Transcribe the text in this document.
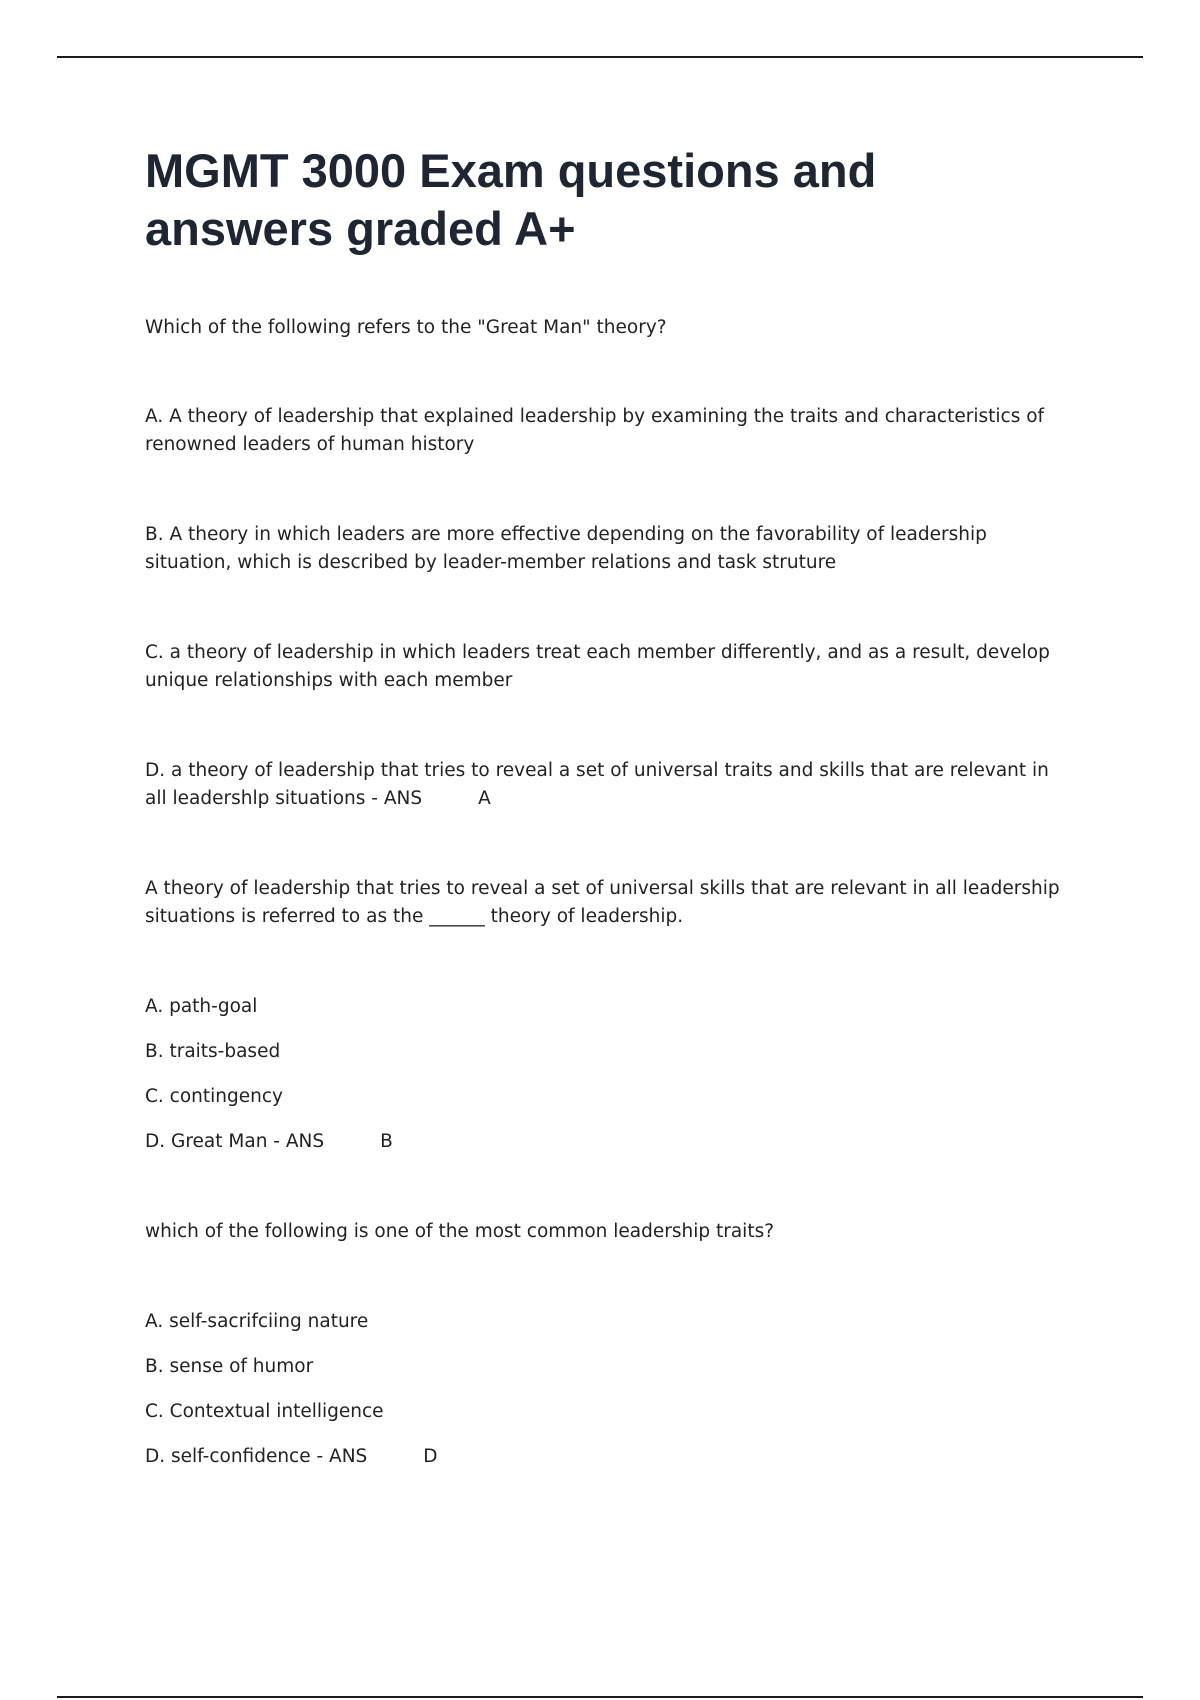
MGMT 3000 Exam questions and answers graded A+

Which of the following refers to the "Great Man" theory?

A. A theory of leadership that explained leadership by examining the traits and characteristics of renowned leaders of human history

B. A theory in which leaders are more effective depending on the favorability of leadership situation, which is described by leader-member relations and task struture

C. a theory of leadership in which leaders treat each member differently, and as a result, develop unique relationships with each member

D. a theory of leadership that tries to reveal a set of universal traits and skills that are relevant in all leadershlp situations - ANS	A

A theory of leadership that tries to reveal a set of universal skills that are relevant in all leadership situations is referred to as the ______ theory of leadership.

A. path-goal

B. traits-based

C. contingency

D. Great Man - ANS	B

which of the following is one of the most common leadership traits?

A. self-sacrifciing nature

B. sense of humor

C. Contextual intelligence

D. self-confidence - ANS	D
